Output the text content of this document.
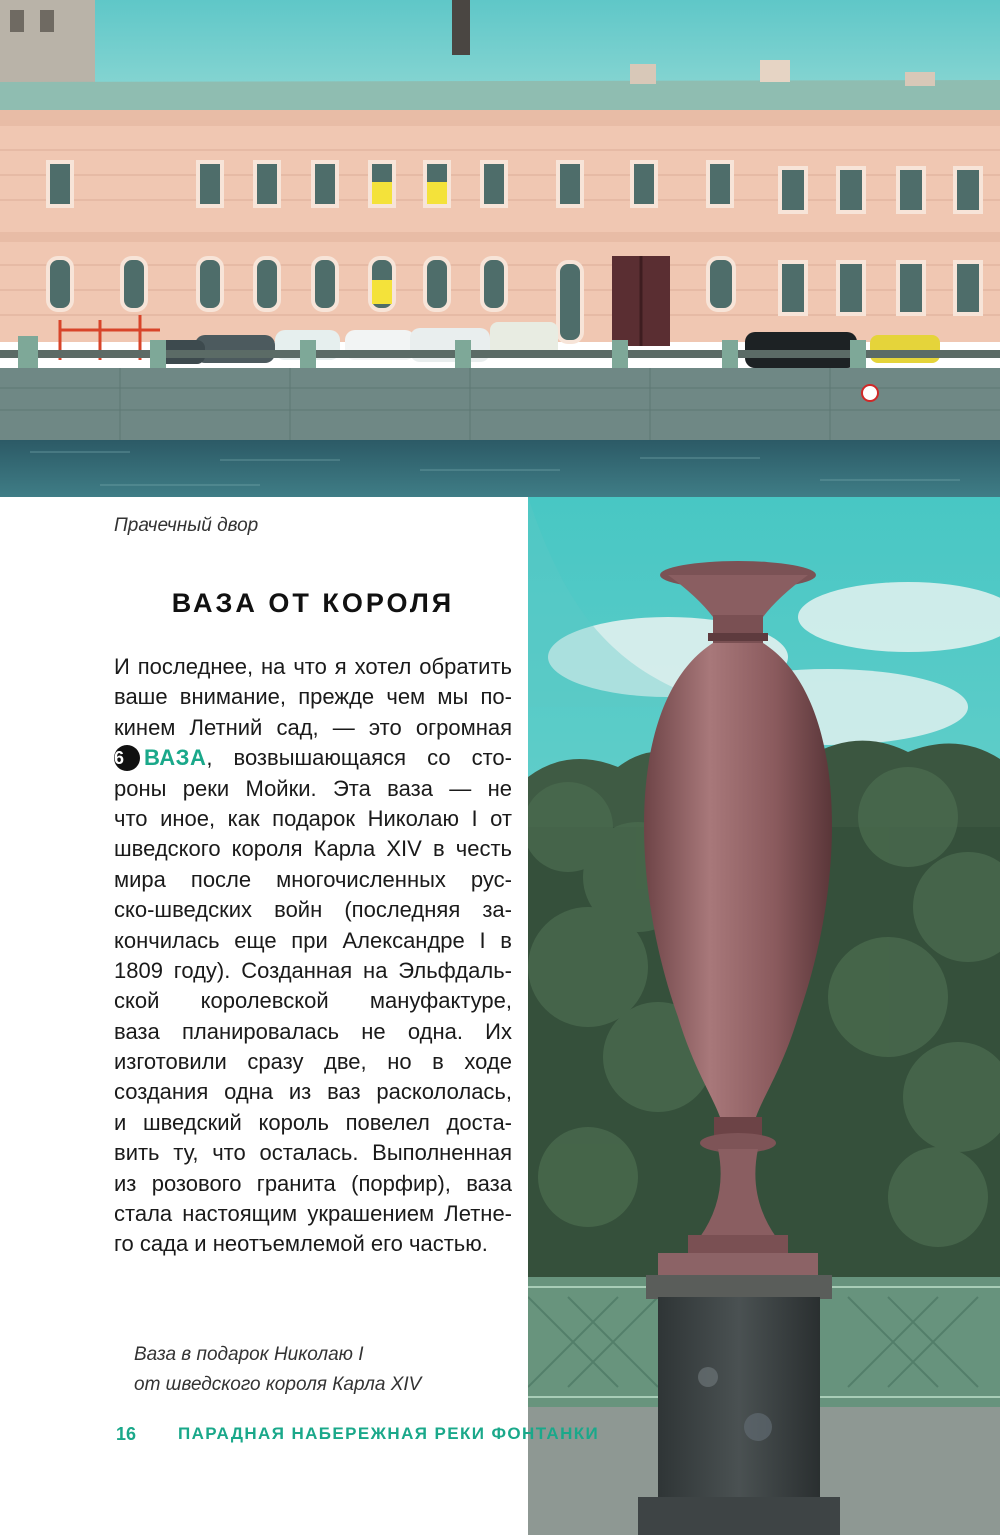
Прачечный двор
ВАЗА ОТ КОРОЛЯ
И последнее, на что я хотел обратить
ваше внимание, прежде чем мы по-
кинем Летний сад, — это огромная
6 ВАЗА, возвышающаяся со сто-
роны реки Мойки. Эта ваза — не
что иное, как подарок Николаю I от
шведского короля Карла XIV в честь
мира после многочисленных рус-
ско-шведских войн (последняя за-
кончилась еще при Александре I в
1809 году). Созданная на Эльфдаль-
ской королевской мануфактуре,
ваза планировалась не одна. Их
изготовили сразу две, но в ходе
создания одна из ваз раскололась,
и шведский король повелел доста-
вить ту, что осталась. Выполненная
из розового гранита (порфир), ваза
стала настоящим украшением Летне-
го сада и неотъемлемой его частью.
Ваза в подарок Николаю I
от шведского короля Карла XIV
16 ПАРАДНАЯ НАБЕРЕЖНАЯ РЕКИ ФОНТАНКИ
